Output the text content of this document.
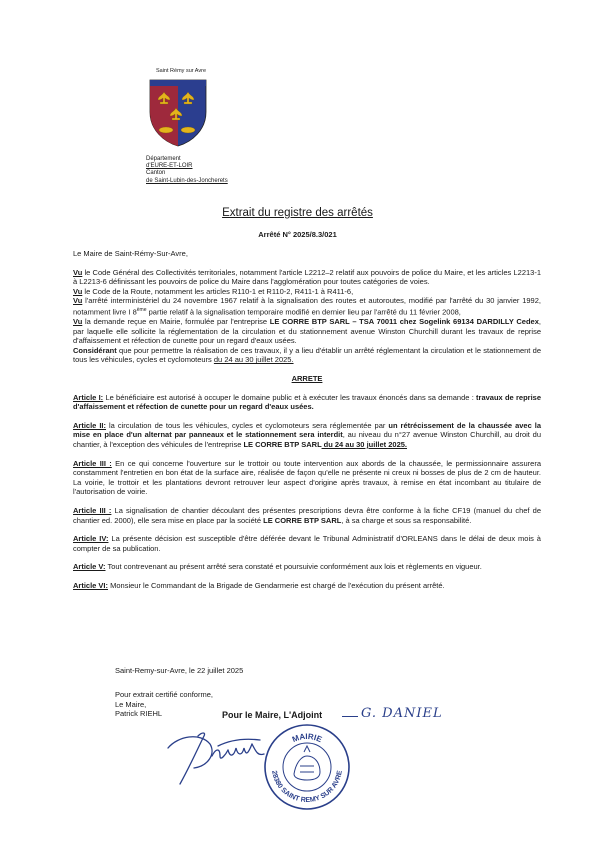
Saint Rémy sur Avre
Département
d'EURE-ET-LOIR
Canton
de Saint-Lubin-des-Joncherets
Extrait du registre des arrêtés
Arrêté N° 2025/8.3/021

Le Maire de Saint-Rémy-Sur-Avre,

Vu le Code Général des Collectivités territoriales, notamment l'article L2212–2 relatif aux pouvoirs de police du Maire, et les articles L2213-1 à L2213-6 définissant les pouvoirs de police du Maire dans l'agglomération pour toutes catégories de voies.

Vu le Code de la Route, notamment les articles R110-1 et R110-2, R411-1 à R411-6,

Vu l'arrêté interministériel du 24 novembre 1967 relatif à la signalisation des routes et autoroutes, modifié par l'arrêté du 30 janvier 1992, notamment livre I 8ème partie relatif à la signalisation temporaire modifié en dernier lieu par l'arrêté du 11 février 2008,

Vu la demande reçue en Mairie, formulée par l'entreprise LE CORRE BTP SARL – TSA 70011 chez Sogelink 69134 DARDILLY Cedex, par laquelle elle sollicite la réglementation de la circulation et du stationnement avenue Winston Churchill durant les travaux de reprise d'affaissement et réfection de cunette pour un regard d'eaux usées.

Considérant que pour permettre la réalisation de ces travaux, il y a lieu d'établir un arrêté réglementant la circulation et le stationnement de tous les véhicules, cycles et cyclomoteurs du 24 au 30 juillet 2025.

ARRETE

Article I: Le bénéficiaire est autorisé à occuper le domaine public et à exécuter les travaux énoncés dans sa demande : travaux de reprise d'affaissement et réfection de cunette pour un regard d'eaux usées.

Article II: la circulation de tous les véhicules, cycles et cyclomoteurs sera réglementée par un rétrécissement de la chaussée avec la mise en place d'un alternat par panneaux et le stationnement sera interdit, au niveau du n°27 avenue Winston Churchill, au droit du chantier, à l'exception des véhicules de l'entreprise LE CORRE BTP SARL du 24 au 30 juillet 2025.

Article III : En ce qui concerne l'ouverture sur le trottoir ou toute intervention aux abords de la chaussée, le permissionnaire assurera constamment l'entretien en bon état de la surface aire, réalisée de façon qu'elle ne présente ni creux ni bosses de plus de 2 cm de hauteur. La voirie, le trottoir et les plantations devront retrouver leur aspect d'origine après travaux, à remise en état incombant au titulaire de l'autorisation de voirie.

Article III : La signalisation de chantier découlant des présentes prescriptions devra être conforme à la fiche CF19 (manuel du chef de chantier ed. 2000), elle sera mise en place par la société LE CORRE BTP SARL, à sa charge et sous sa responsabilité.

Article IV: La présente décision est susceptible d'être déférée devant le Tribunal Administratif d'ORLEANS dans le délai de deux mois à compter de sa publication.

Article V: Tout contrevenant au présent arrêté sera constaté et poursuivie conformément aux lois et règlements en vigueur.

Article VI: Monsieur le Commandant de la Brigade de Gendarmerie est chargé de l'exécution du présent arrêté.

Saint-Remy-sur-Avre, le 22 juillet 2025
Pour extrait certifié conforme,
Le Maire,
Patrick RIEHL	Pour le Maire, L'Adjoint	G. DANIEL
MAIRIE
28380 SAINT REMY SUR AVRE
